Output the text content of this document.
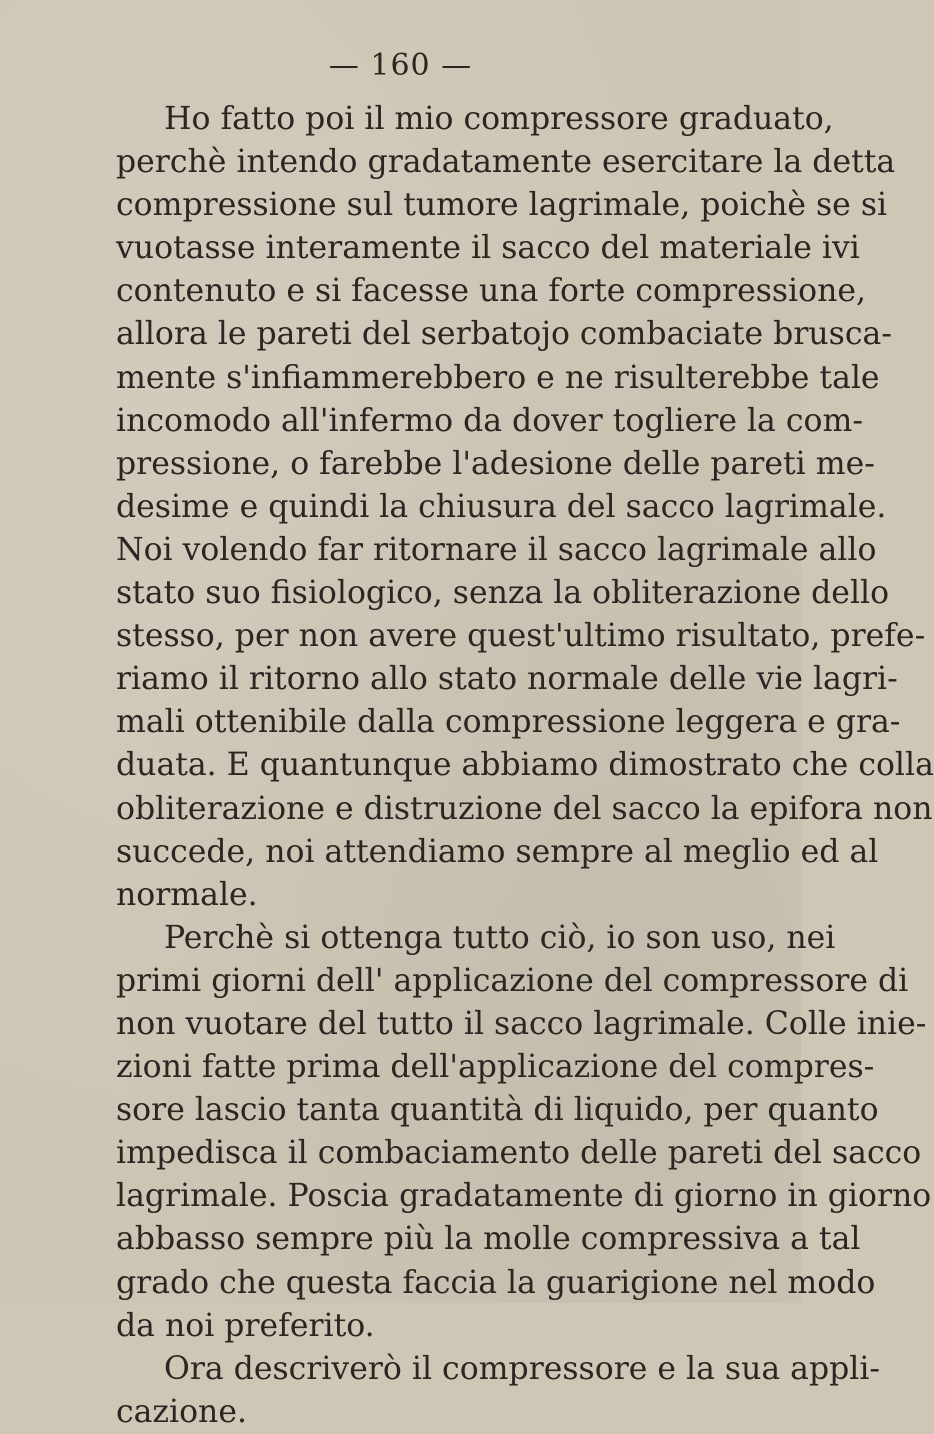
— 160 —
Ho fatto poi il mio compressore graduato,
perchè intendo gradatamente esercitare la detta
compressione sul tumore lagrimale, poichè se si
vuotasse interamente il sacco del materiale ivi
contenuto e si facesse una forte compressione,
allora le pareti del serbatojo combaciate brusca-
mente s'infiammerebbero e ne risulterebbe tale
incomodo all'infermo da dover togliere la com-
pressione, o farebbe l'adesione delle pareti me-
desime e quindi la chiusura del sacco lagrimale.
Noi volendo far ritornare il sacco lagrimale allo
stato suo fisiologico, senza la obliterazione dello
stesso, per non avere quest'ultimo risultato, prefe-
riamo il ritorno allo stato normale delle vie lagri-
mali ottenibile dalla compressione leggera e gra-
duata. E quantunque abbiamo dimostrato che colla
obliterazione e distruzione del sacco la epifora non
succede, noi attendiamo sempre al meglio ed al
normale.
Perchè si ottenga tutto ciò, io son uso, nei
primi giorni dell' applicazione del compressore di
non vuotare del tutto il sacco lagrimale. Colle inie-
zioni fatte prima dell'applicazione del compres-
sore lascio tanta quantità di liquido, per quanto
impedisca il combaciamento delle pareti del sacco
lagrimale. Poscia gradatamente di giorno in giorno
abbasso sempre più la molle compressiva a tal
grado che questa faccia la guarigione nel modo
da noi preferito.
Ora descriverò il compressore e la sua appli-
cazione.
